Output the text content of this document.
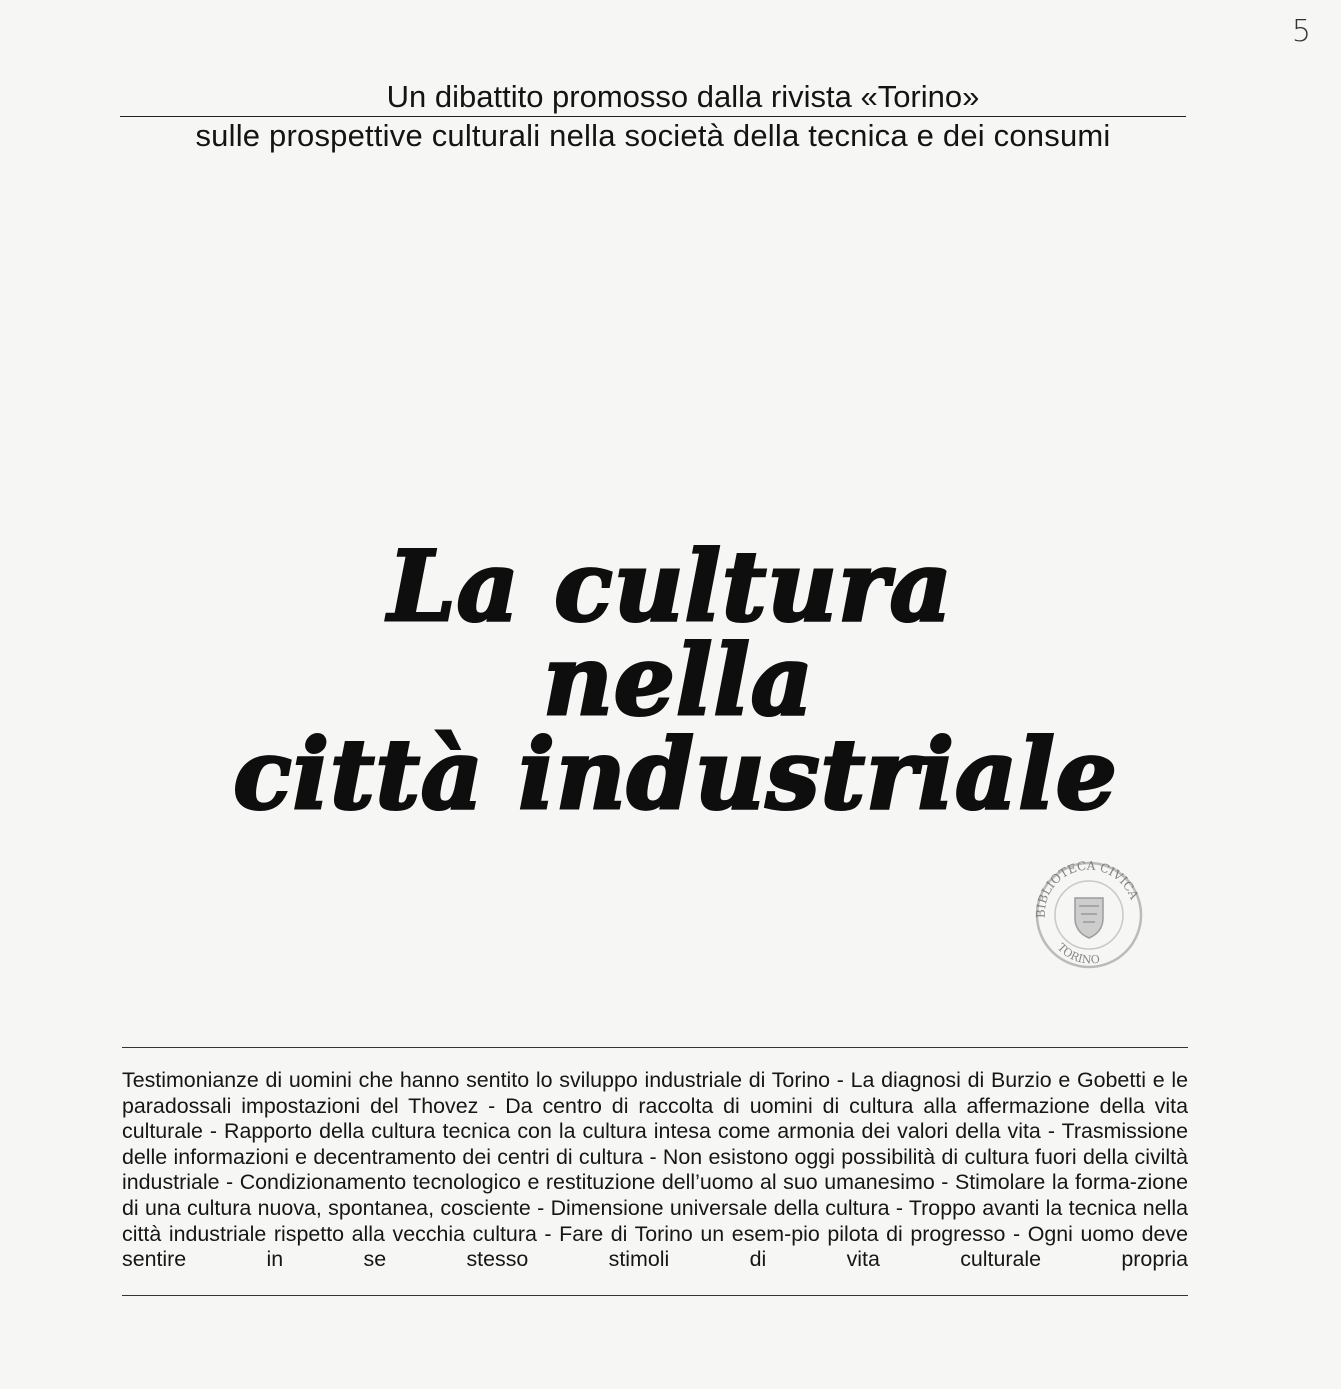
5
Un dibattito promosso dalla rivista «Torino»
sulle prospettive culturali nella società della tecnica e dei consumi
La cultura
nella
città industriale
BIBLIOTECA CIVICA
TORINO
Testimonianze di uomini che hanno sentito lo sviluppo industriale di Torino - La diagnosi di Burzio e Gobetti e le paradossali impostazioni del Thovez - Da centro di raccolta di uomini di cultura alla affermazione della vita culturale - Rapporto della cultura tecnica con la cultura intesa come armonia dei valori della vita - Trasmissione delle informazioni e decentramento dei centri di cultura - Non esistono oggi possibilità di cultura fuori della civiltà industriale - Condizionamento tecnologico e restituzione dell’uomo al suo umanesimo - Stimolare la forma-zione di una cultura nuova, spontanea, cosciente - Dimensione universale della cultura - Troppo avanti la tecnica nella città industriale rispetto alla vecchia cultura - Fare di Torino un esem-pio pilota di progresso - Ogni uomo deve sentire in se stesso stimoli di vita culturale propria
